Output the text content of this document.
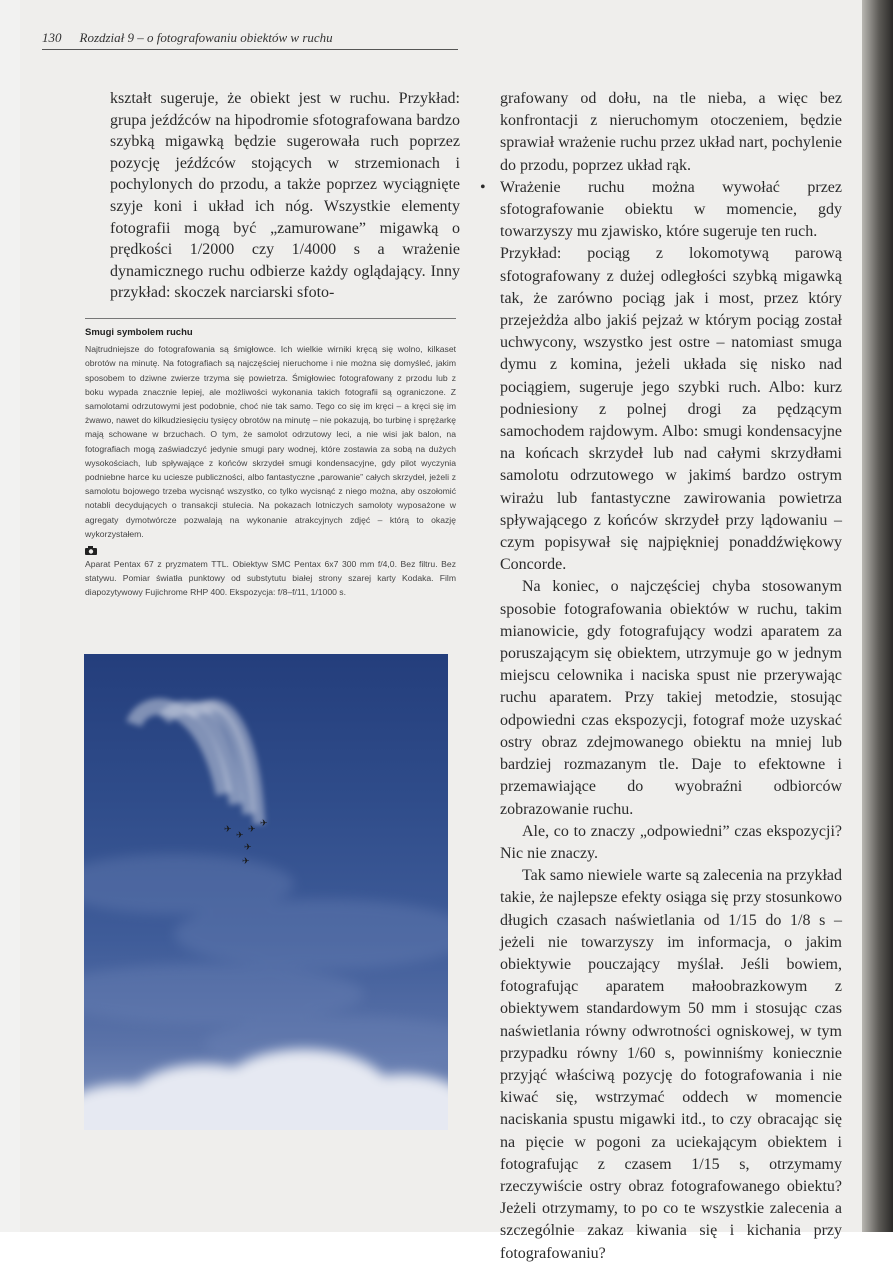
130 Rozdział 9 – o fotografowaniu obiektów w ruchu

kształt sugeruje, że obiekt jest w ruchu. Przykład: grupa jeźdźców na hipodromie sfotografowana bardzo szybką migawką będzie sugerowała ruch poprzez pozycję jeźdźców stojących w strzemionach i pochylonych do przodu, a także poprzez wyciągnięte szyje koni i układ ich nóg. Wszystkie elementy fotografii mogą być „zamurowane” migawką o prędkości 1/2000 czy 1/4000 s a wrażenie dynamicznego ruchu odbierze każdy oglądający. Inny przykład: skoczek narciarski sfoto-

Smugi symbolem ruchu

Najtrudniejsze do fotografowania są śmigłowce. Ich wielkie wirniki kręcą się wolno, kilkaset obrotów na minutę. Na fotografiach są najczęściej nieruchome i nie można się domyśleć, jakim sposobem to dziwne zwierze trzyma się powietrza. Śmigłowiec fotografowany z przodu lub z boku wypada znacznie lepiej, ale możliwości wykonania takich fotografii są ograniczone. Z samolotami odrzutowymi jest podobnie, choć nie tak samo. Tego co się im kręci – a kręci się im żwawo, nawet do kilkudziesięciu tysięcy obrotów na minutę – nie pokazują, bo turbinę i sprężarkę mają schowane w brzuchach. O tym, że samolot odrzutowy leci, a nie wisi jak balon, na fotografiach mogą zaświadczyć jedynie smugi pary wodnej, które zostawia za sobą na dużych wysokościach, lub spływające z końców skrzydeł smugi kondensacyjne, gdy pilot wyczynia podniebne harce ku uciesze publiczności, albo fantastyczne „parowanie” całych skrzydeł, jeżeli z samolotu bojowego trzeba wycisnąć wszystko, co tylko wycisnąć z niego można, aby oszołomić notabli decydujących o transakcji stulecia. Na pokazach lotniczych samoloty wyposażone w agregaty dymotwórcze pozwalają na wykonanie atrakcyjnych zdjęć – którą to okazję wykorzystałem.

Aparat Pentax 67 z pryzmatem TTL. Obiektyw SMC Pentax 6x7 300 mm f/4,0. Bez filtru. Bez statywu. Pomiar światła punktowy od substytutu białej strony szarej karty Kodaka. Film diapozytywowy Fujichrome RHP 400. Ekspozycja: f/8–f/11, 1/1000 s.

✈
✈
✈
✈
✈
✈

grafowany od dołu, na tle nieba, a więc bez konfrontacji z nieruchomym otoczeniem, będzie sprawiał wrażenie ruchu przez układ nart, pochylenie do przodu, poprzez układ rąk.

• Wrażenie ruchu można wywołać przez sfotografowanie obiektu w momencie, gdy towarzyszy mu zjawisko, które sugeruje ten ruch.

Przykład: pociąg z lokomotywą parową sfotografowany z dużej odległości szybką migawką tak, że zarówno pociąg jak i most, przez który przejeżdża albo jakiś pejzaż w którym pociąg został uchwycony, wszystko jest ostre – natomiast smuga dymu z komina, jeżeli układa się nisko nad pociągiem, sugeruje jego szybki ruch. Albo: kurz podniesiony z polnej drogi za pędzącym samochodem rajdowym. Albo: smugi kondensacyjne na końcach skrzydeł lub nad całymi skrzydłami samolotu odrzutowego w jakimś bardzo ostrym wirażu lub fantastyczne zawirowania powietrza spływającego z końców skrzydeł przy lądowaniu – czym popisywał się najpiękniej ponaddźwiękowy Concorde.

Na koniec, o najczęściej chyba stosowanym sposobie fotografowania obiektów w ruchu, takim mianowicie, gdy fotografujący wodzi aparatem za poruszającym się obiektem, utrzymuje go w jednym miejscu celownika i naciska spust nie przerywając ruchu aparatem. Przy takiej metodzie, stosując odpowiedni czas ekspozycji, fotograf może uzyskać ostry obraz zdejmowanego obiektu na mniej lub bardziej rozmazanym tle. Daje to efektowne i przemawiające do wyobraźni odbiorców zobrazowanie ruchu.

Ale, co to znaczy „odpowiedni” czas ekspozycji? Nic nie znaczy.

Tak samo niewiele warte są zalecenia na przykład takie, że najlepsze efekty osiąga się przy stosunkowo długich czasach naświetlania od 1/15 do 1/8 s – jeżeli nie towarzyszy im informacja, o jakim obiektywie pouczający myślał. Jeśli bowiem, fotografując aparatem małoobrazkowym z obiektywem standardowym 50 mm i stosując czas naświetlania równy odwrotności ogniskowej, w tym przypadku równy 1/60 s, powinniśmy koniecznie przyjąć właściwą pozycję do fotografowania i nie kiwać się, wstrzymać oddech w momencie naciskania spustu migawki itd., to czy obracając się na pięcie w pogoni za uciekającym obiektem i fotografując z czasem 1/15 s, otrzymamy rzeczywiście ostry obraz fotografowanego obiektu? Jeżeli otrzymamy, to po co te wszystkie zalecenia a szczególnie zakaz kiwania się i kichania przy fotografowaniu?
